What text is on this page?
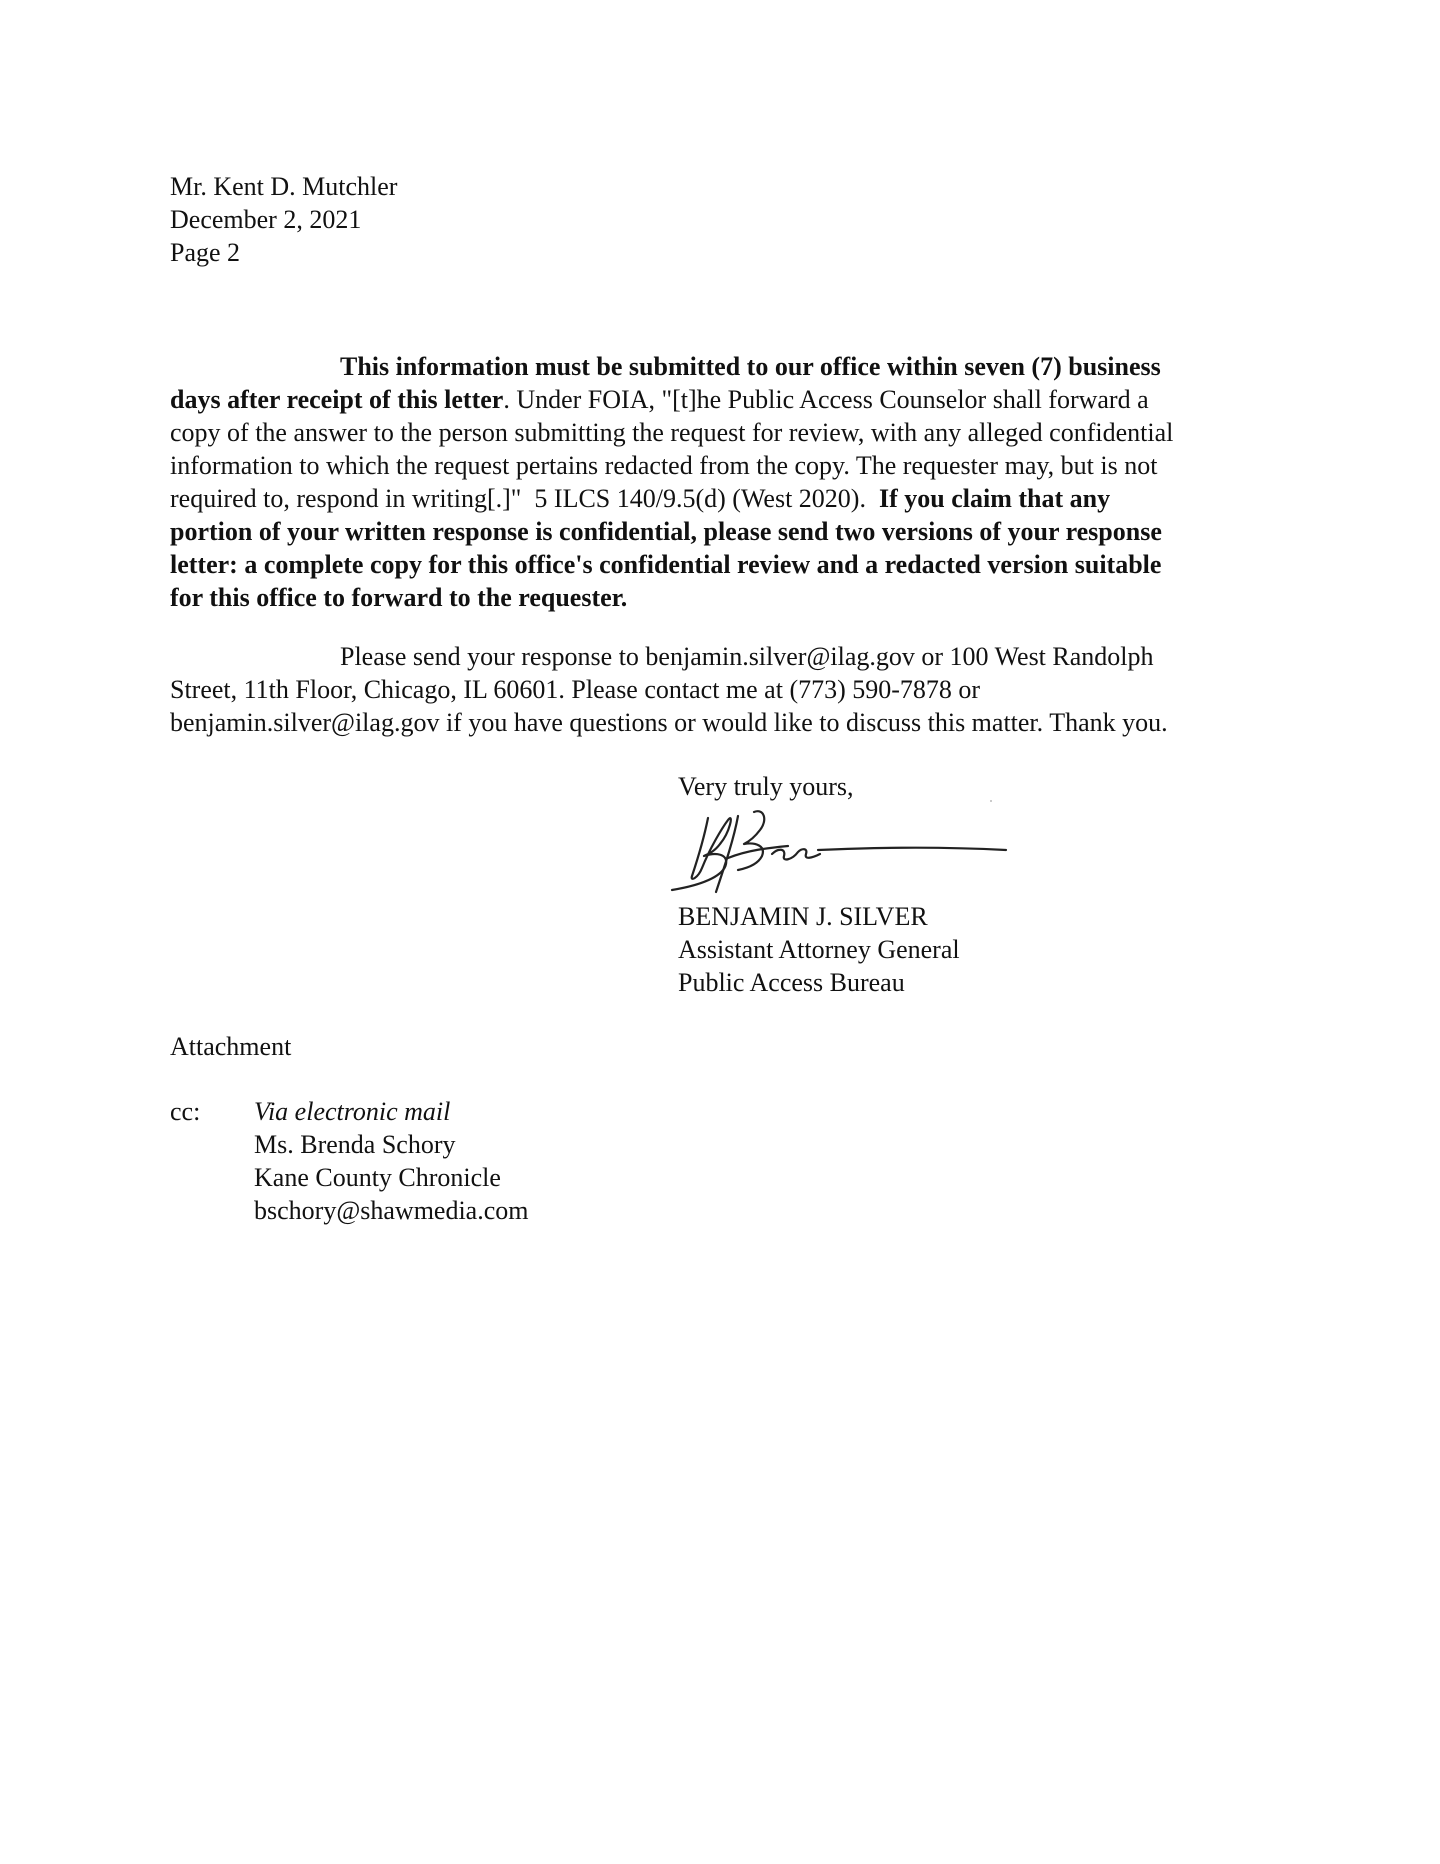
Mr. Kent D. Mutchler
December 2, 2021
Page 2
This information must be submitted to our office within seven (7) business
days after receipt of this letter. Under FOIA, "[t]he Public Access Counselor shall forward a
copy of the answer to the person submitting the request for review, with any alleged confidential
information to which the request pertains redacted from the copy. The requester may, but is not
required to, respond in writing[.]"  5 ILCS 140/9.5(d) (West 2020).  If you claim that any
portion of your written response is confidential, please send two versions of your response
letter: a complete copy for this office's confidential review and a redacted version suitable
for this office to forward to the requester.
Please send your response to benjamin.silver@ilag.gov or 100 West Randolph
Street, 11th Floor, Chicago, IL 60601. Please contact me at (773) 590-7878 or
benjamin.silver@ilag.gov if you have questions or would like to discuss this matter. Thank you.
Very truly yours,
BENJAMIN J. SILVER
Assistant Attorney General
Public Access Bureau
Attachment
cc: Via electronic mail
Ms. Brenda Schory
Kane County Chronicle
bschory@shawmedia.com
